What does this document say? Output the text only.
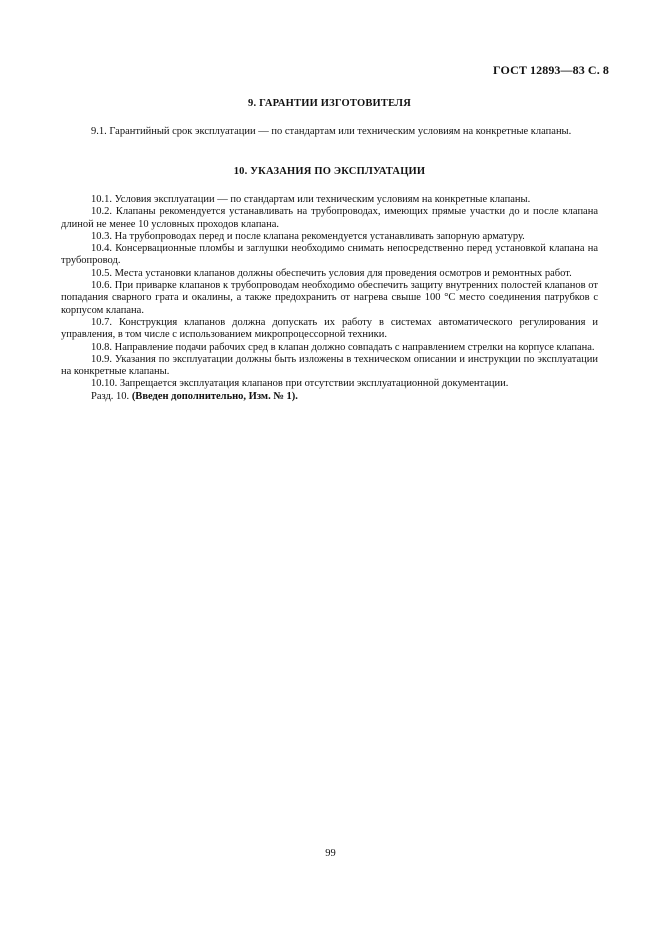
ГОСТ 12893—83 С. 8
9. ГАРАНТИИ ИЗГОТОВИТЕЛЯ

9.1. Гарантийный срок эксплуатации — по стандартам или техническим условиям на конкретные клапаны.

10. УКАЗАНИЯ ПО ЭКСПЛУАТАЦИИ

10.1. Условия эксплуатации — по стандартам или техническим условиям на конкретные клапаны.

10.2. Клапаны рекомендуется устанавливать на трубопроводах, имеющих прямые участки до и после клапана длиной не менее 10 условных проходов клапана.

10.3. На трубопроводах перед и после клапана рекомендуется устанавливать запорную арматуру.

10.4. Консервационные пломбы и заглушки необходимо снимать непосредственно перед установкой клапана на трубопровод.

10.5. Места установки клапанов должны обеспечить условия для проведения осмотров и ремонтных работ.

10.6. При приварке клапанов к трубопроводам необходимо обеспечить защиту внутренних полостей клапанов от попадания сварного грата и окалины, а также предохранить от нагрева свыше 100 °С место соединения патрубков с корпусом клапана.

10.7. Конструкция клапанов должна допускать их работу в системах автоматического регулирования и управления, в том числе с использованием микропроцессорной техники.

10.8. Направление подачи рабочих сред в клапан должно совпадать с направлением стрелки на корпусе клапана.

10.9. Указания по эксплуатации должны быть изложены в техническом описании и инструкции по эксплуатации на конкретные клапаны.

10.10. Запрещается эксплуатация клапанов при отсутствии эксплуатационной документации.

Разд. 10. (Введен дополнительно, Изм. № 1).

99
